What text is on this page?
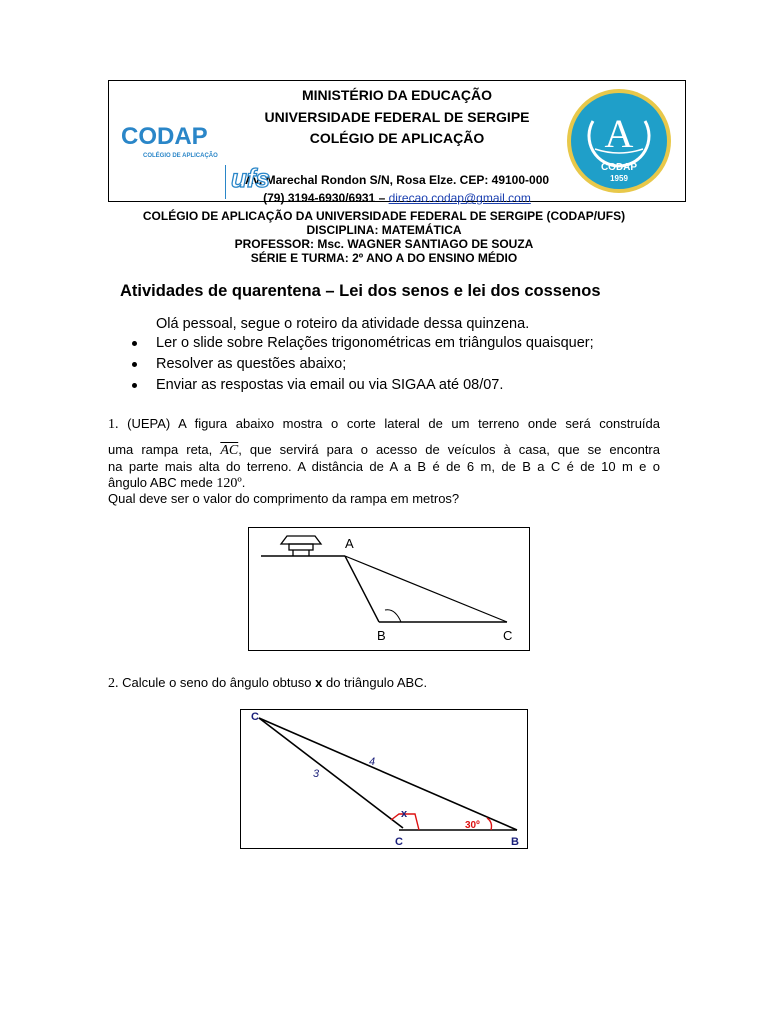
MINISTÉRIO DA EDUCAÇÃO
UNIVERSIDADE FEDERAL DE SERGIPE
COLÉGIO DE APLICAÇÃO
Av. Marechal Rondon S/N, Rosa Elze. CEP: 49100-000
(79) 3194-6930/6931 – direcao.codap@gmail.com
CODAP
COLÉGIO DE APLICAÇÃO
ufs
A
CODAP
1959
COLÉGIO DE APLICAÇÃO DA UNIVERSIDADE FEDERAL DE SERGIPE (CODAP/UFS)
DISCIPLINA: MATEMÁTICA
PROFESSOR: Msc. WAGNER SANTIAGO DE SOUZA
SÉRIE E TURMA: 2º ANO A DO ENSINO MÉDIO
Atividades de quarentena – Lei dos senos e lei dos cossenos
Olá pessoal, segue o roteiro da atividade dessa quinzena.
Ler o slide sobre Relações trigonométricas em triângulos quaisquer;
Resolver as questões abaixo;
Enviar as respostas via email ou via SIGAA até 08/07.
1. (UEPA) A figura abaixo mostra o corte lateral de um terreno onde será construída
uma rampa reta, $\overline{AC}$, que servirá para o acesso de veículos à casa, que se encontra
na parte mais alta do terreno. A distância de A a B é de 6 m, de B a C é de 10 m e o
ângulo ABC mede 120º.
Qual deve ser o valor do comprimento da rampa em metros?
A
B	C
2. Calcule o seno do ângulo obtuso x do triângulo ABC.
C
C	B
3
4
x
30º
